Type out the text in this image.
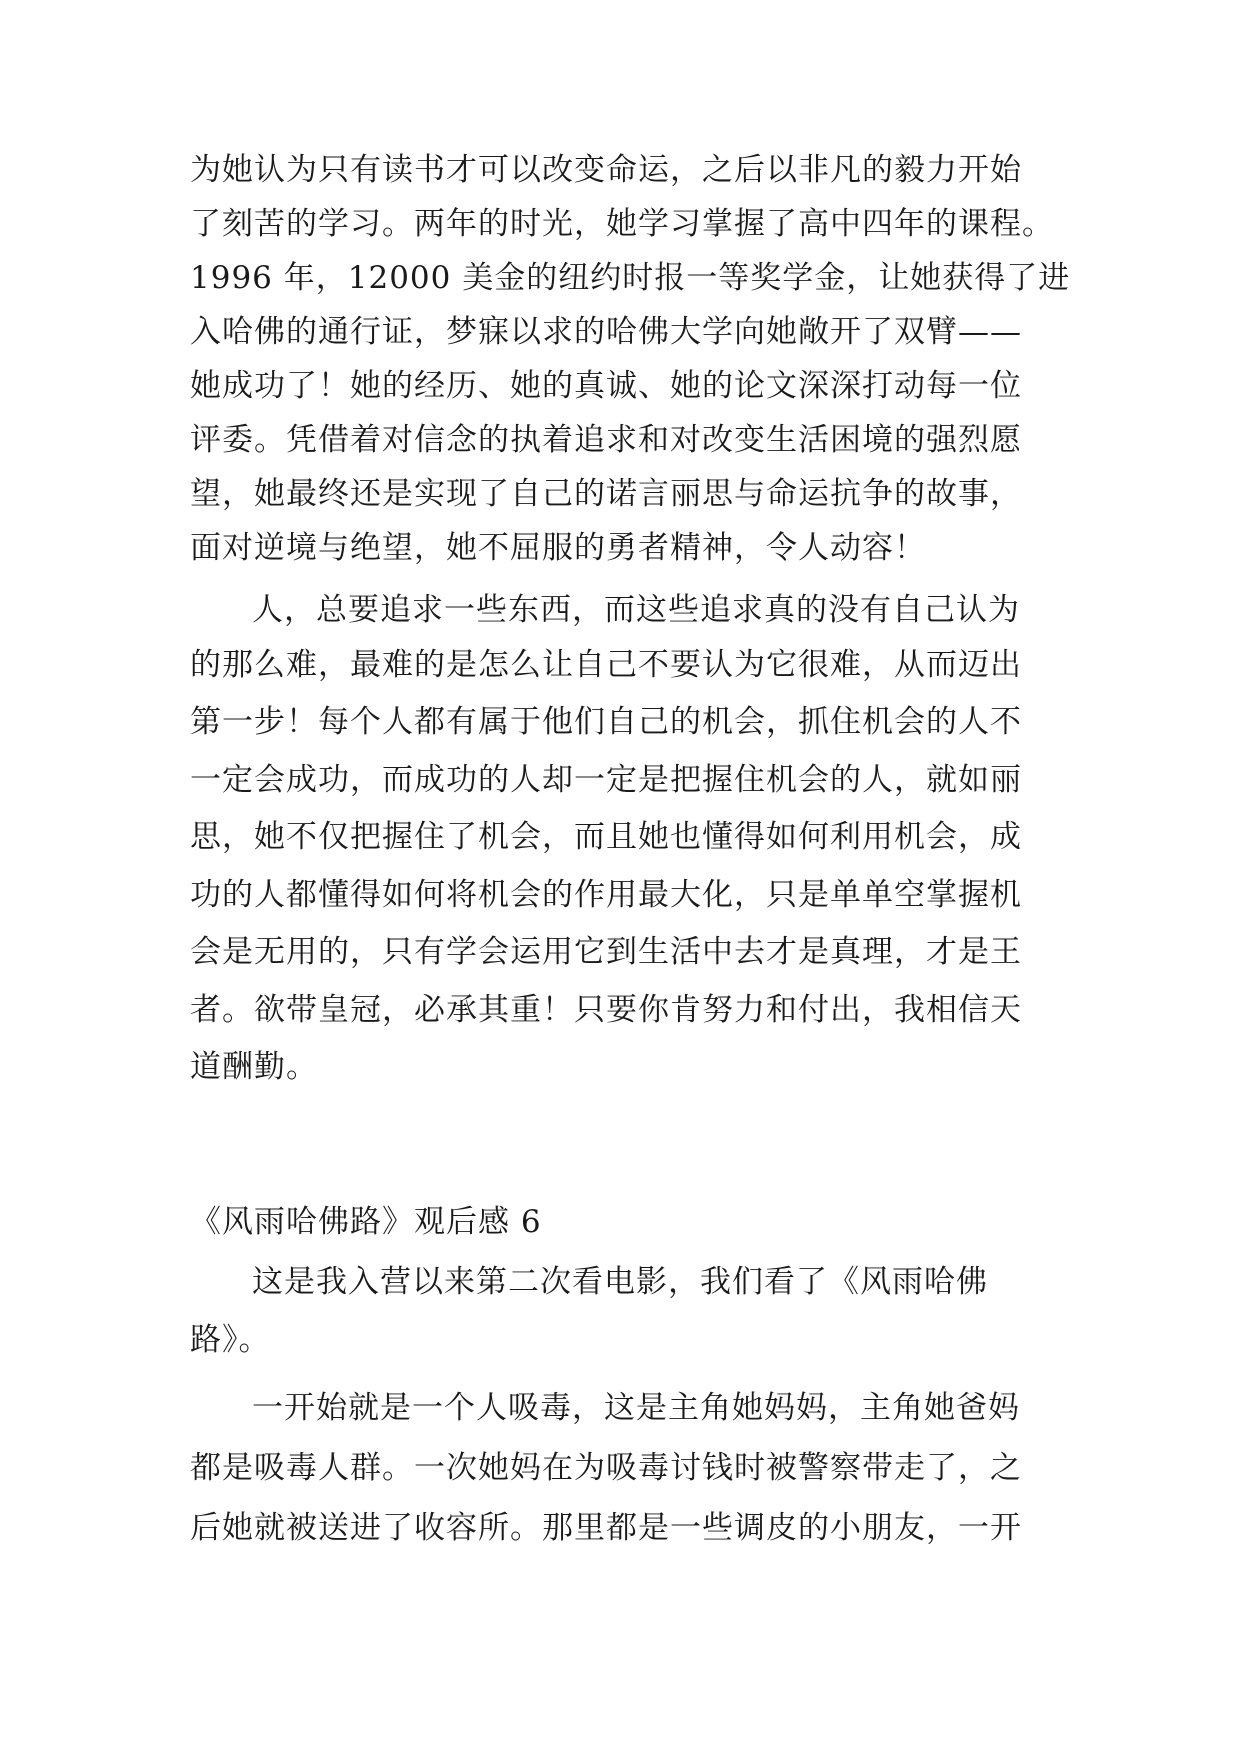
为她认为只有读书才可以改变命运，之后以非凡的毅力开始
了刻苦的学习。两年的时光，她学习掌握了高中四年的课程。
1996 年，12000 美金的纽约时报一等奖学金，让她获得了进
入哈佛的通行证，梦寐以求的哈佛大学向她敞开了双臂——
她成功了！她的经历、她的真诚、她的论文深深打动每一位
评委。凭借着对信念的执着追求和对改变生活困境的强烈愿
望，她最终还是实现了自己的诺言丽思与命运抗争的故事，
面对逆境与绝望，她不屈服的勇者精神，令人动容！
人，总要追求一些东西，而这些追求真的没有自己认为
的那么难，最难的是怎么让自己不要认为它很难，从而迈出
第一步！每个人都有属于他们自己的机会，抓住机会的人不
一定会成功，而成功的人却一定是把握住机会的人，就如丽
思，她不仅把握住了机会，而且她也懂得如何利用机会，成
功的人都懂得如何将机会的作用最大化，只是单单空掌握机
会是无用的，只有学会运用它到生活中去才是真理，才是王
者。欲带皇冠，必承其重！只要你肯努力和付出，我相信天
道酬勤。
《风雨哈佛路》观后感 6
这是我入营以来第二次看电影，我们看了《风雨哈佛
路》。
一开始就是一个人吸毒，这是主角她妈妈，主角她爸妈
都是吸毒人群。一次她妈在为吸毒讨钱时被警察带走了，之
后她就被送进了收容所。那里都是一些调皮的小朋友，一开
